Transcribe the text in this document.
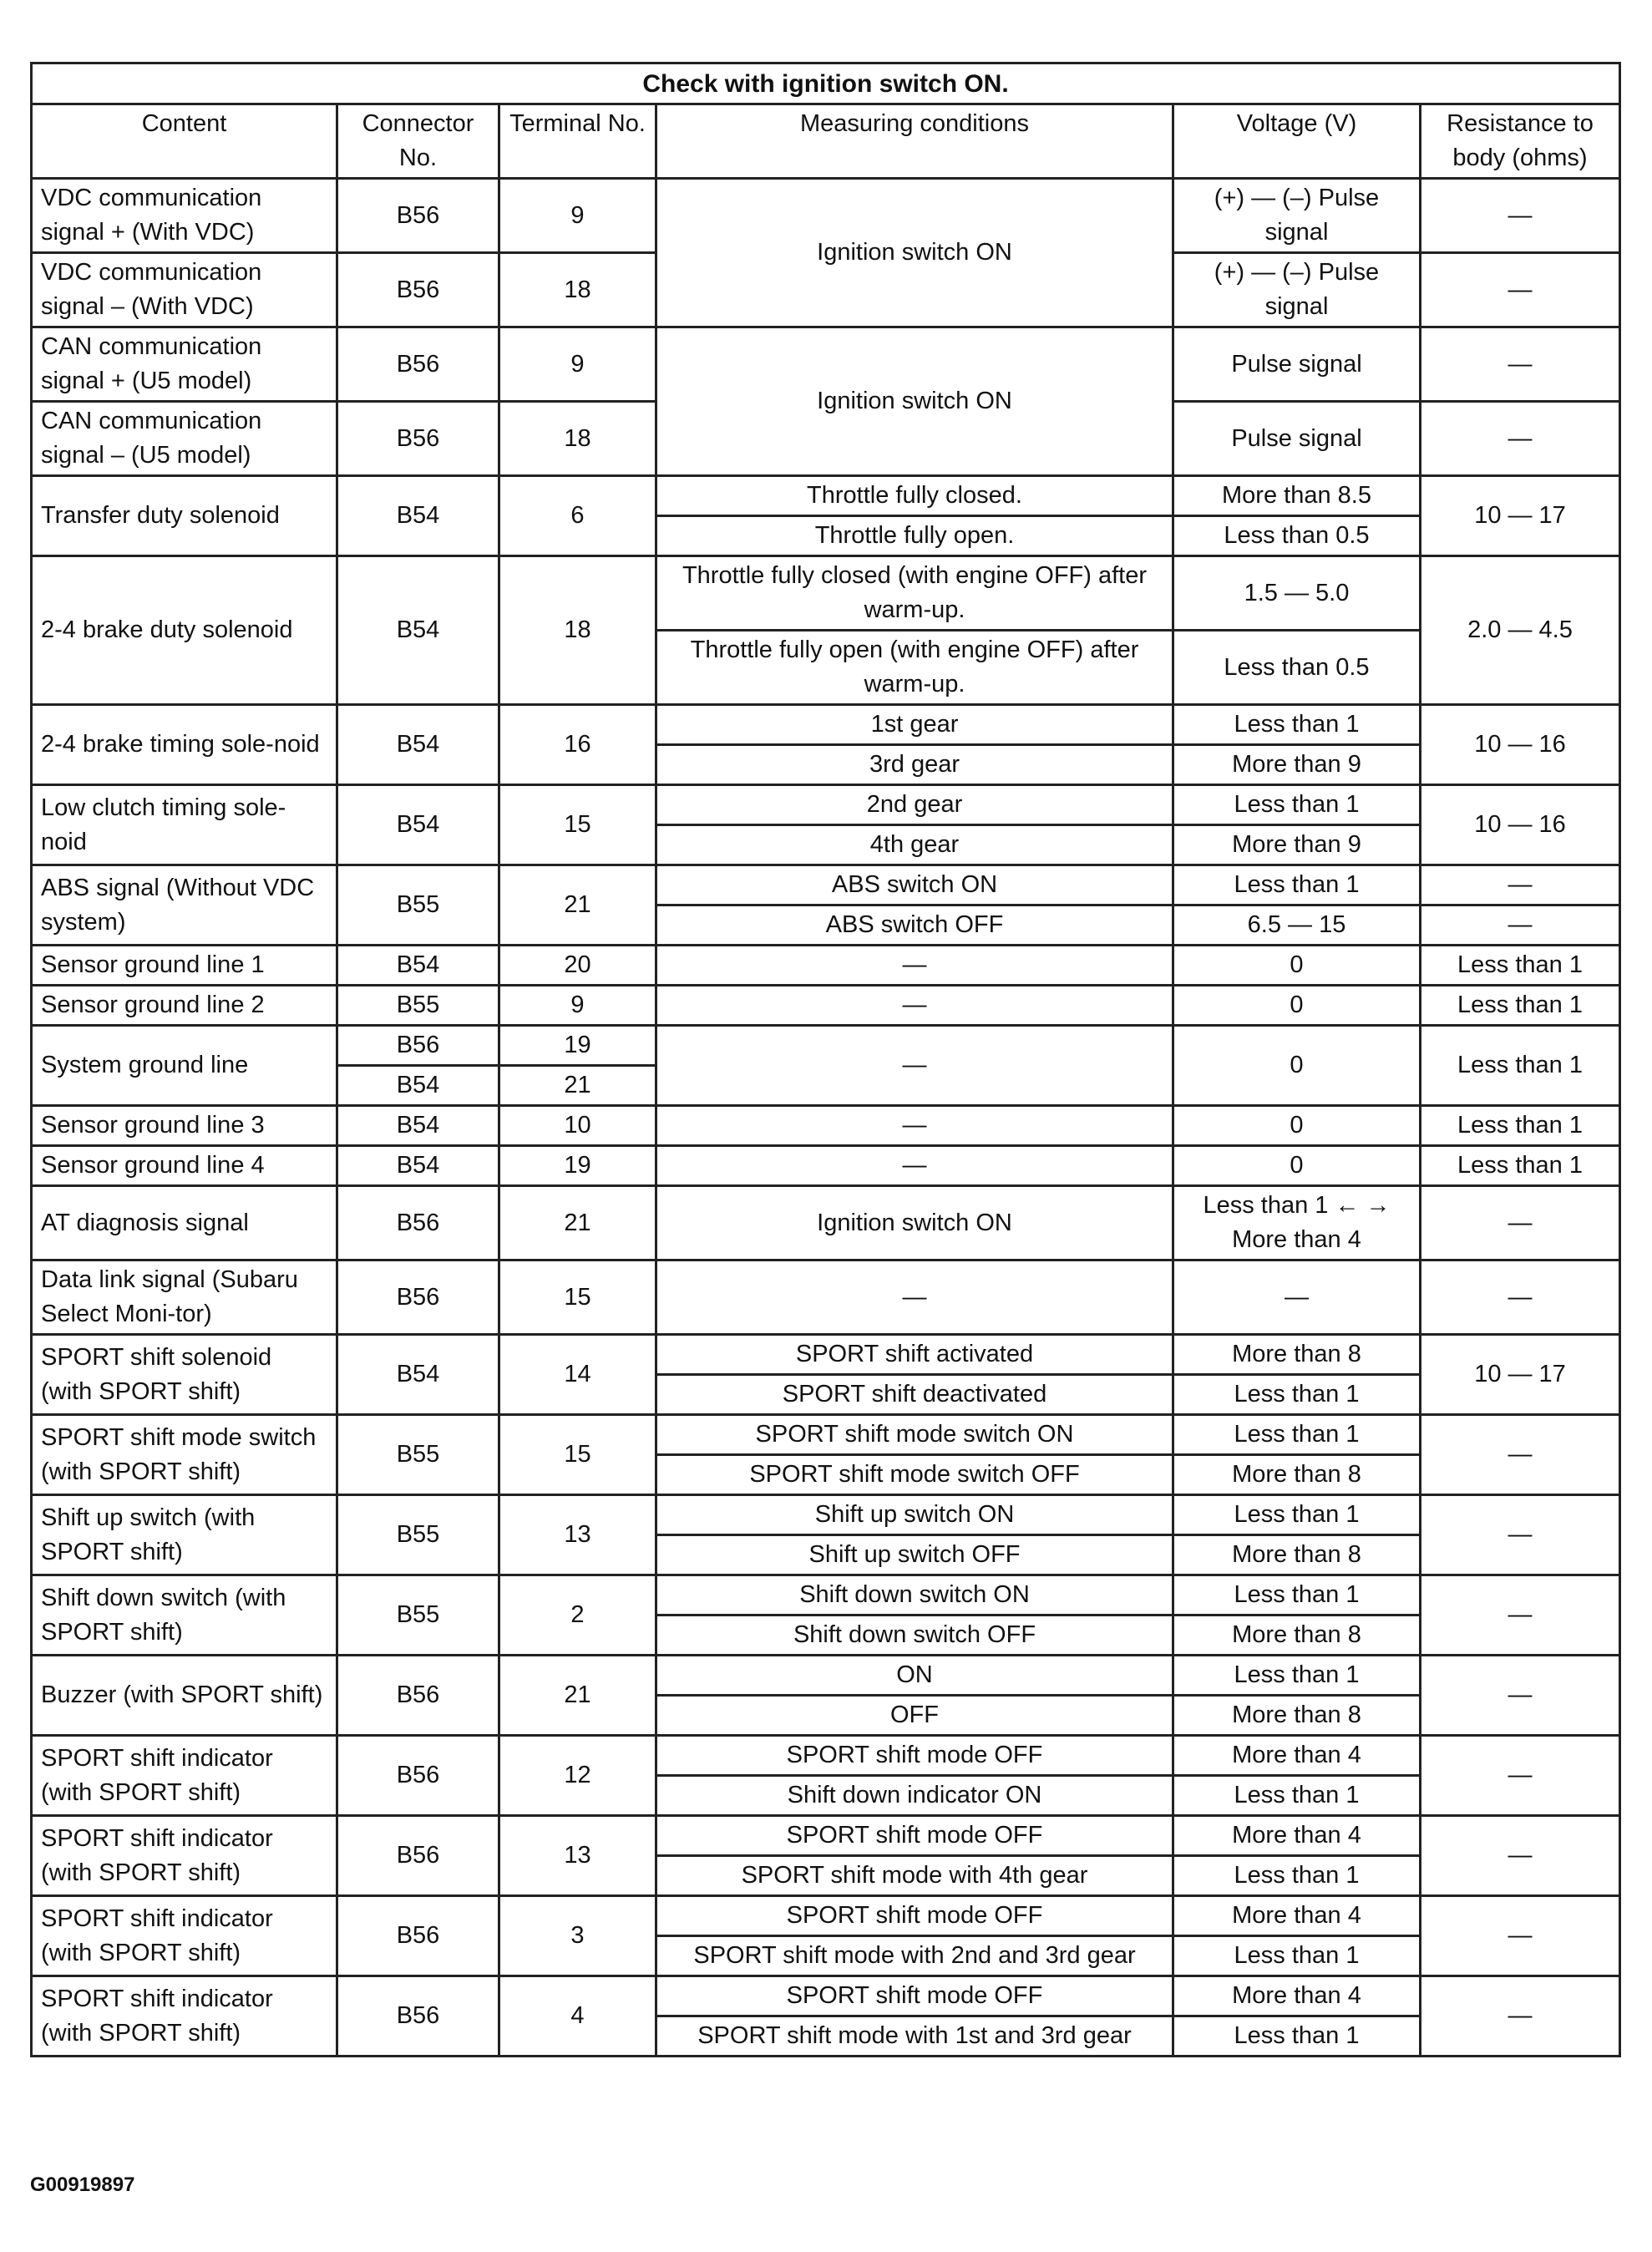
Check with ignition switch ON.					
Content	Connector No.	Terminal No.	Measuring conditions	Voltage (V)	Resistance to body (ohms)
VDC communication signal + (With VDC)	B56	9	Ignition switch ON	(+) — (–) Pulse signal	—
VDC communication signal – (With VDC)	B56	18		(+) — (–) Pulse signal	—
CAN communication signal + (U5 model)	B56	9	Ignition switch ON	Pulse signal	—
CAN communication signal – (U5 model)	B56	18		Pulse signal	—
Transfer duty solenoid	B54	6	Throttle fully closed.	More than 8.5	10 — 17
			Throttle fully open.	Less than 0.5	
2-4 brake duty solenoid	B54	18	Throttle fully closed (with engine OFF) after warm-up.	1.5 — 5.0	2.0 — 4.5
			Throttle fully open (with engine OFF) after warm-up.	Less than 0.5	
2-4 brake timing sole-noid	B54	16	1st gear	Less than 1	10 — 16
			3rd gear	More than 9	
Low clutch timing sole-noid	B54	15	2nd gear	Less than 1	10 — 16
			4th gear	More than 9	
ABS signal (Without VDC system)	B55	21	ABS switch ON	Less than 1	—
			ABS switch OFF	6.5 — 15	—
Sensor ground line 1	B54	20	—	0	Less than 1
Sensor ground line 2	B55	9	—	0	Less than 1
System ground line	B56	19	—	0	Less than 1
	B54	21			
Sensor ground line 3	B54	10	—	0	Less than 1
Sensor ground line 4	B54	19	—	0	Less than 1
AT diagnosis signal	B56	21	Ignition switch ON	Less than 1 ← → More than 4	—
Data link signal (Subaru Select Moni-tor)	B56	15	—	—	—
SPORT shift solenoid (with SPORT shift)	B54	14	SPORT shift activated	More than 8	10 — 17
			SPORT shift deactivated	Less than 1	
SPORT shift mode switch (with SPORT shift)	B55	15	SPORT shift mode switch ON	Less than 1	—
			SPORT shift mode switch OFF	More than 8	
Shift up switch (with SPORT shift)	B55	13	Shift up switch ON	Less than 1	—
			Shift up switch OFF	More than 8	
Shift down switch (with SPORT shift)	B55	2	Shift down switch ON	Less than 1	—
			Shift down switch OFF	More than 8	
Buzzer (with SPORT shift)	B56	21	ON	Less than 1	—
			OFF	More than 8	
SPORT shift indicator (with SPORT shift)	B56	12	SPORT shift mode OFF	More than 4	—
			Shift down indicator ON	Less than 1	
SPORT shift indicator (with SPORT shift)	B56	13	SPORT shift mode OFF	More than 4	—
			SPORT shift mode with 4th gear	Less than 1	
SPORT shift indicator (with SPORT shift)	B56	3	SPORT shift mode OFF	More than 4	—
			SPORT shift mode with 2nd and 3rd gear	Less than 1	
SPORT shift indicator (with SPORT shift)	B56	4	SPORT shift mode OFF	More than 4	—
			SPORT shift mode with 1st and 3rd gear	Less than 1	
G00919897
